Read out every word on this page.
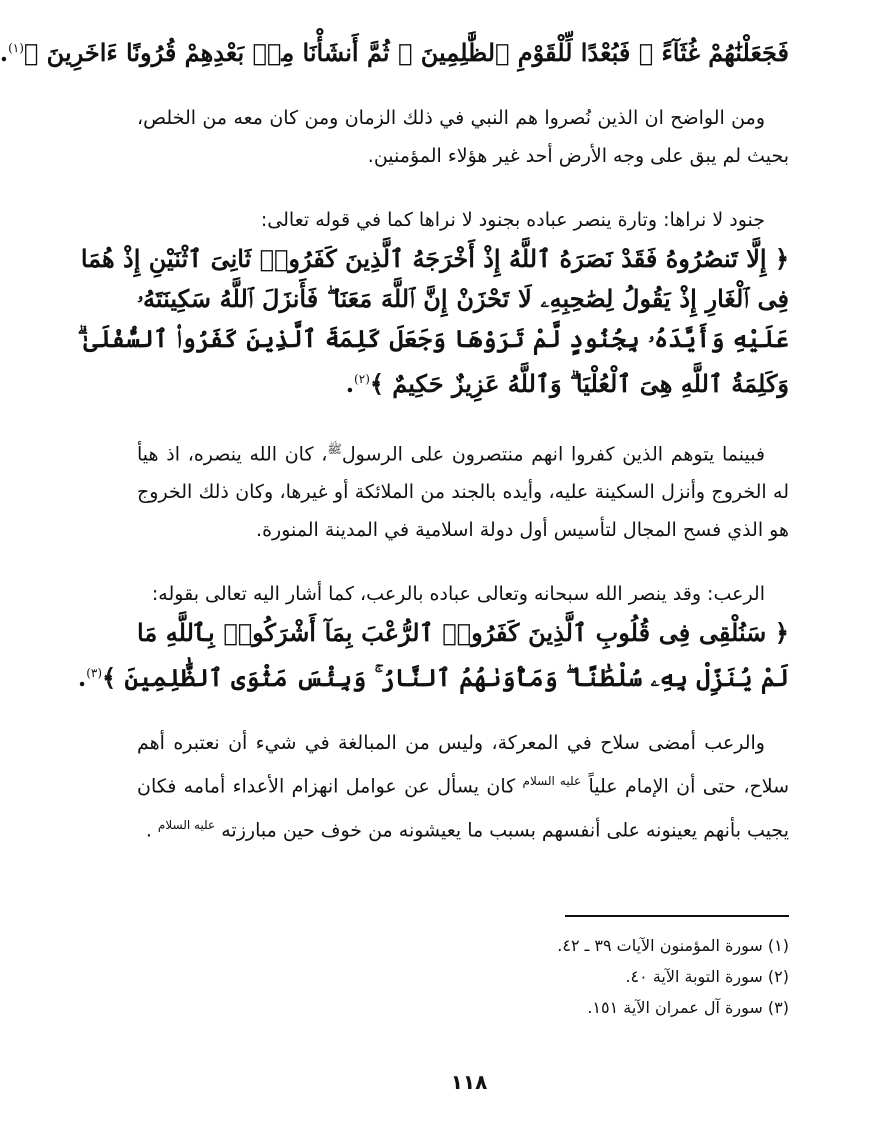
فَجَعَلْنَٰهُمْ غُثَآءً ۚ فَبُعْدًا لِّلْقَوْمِ ٱلظَّٰلِمِينَ ۞ ثُمَّ أَنشَأْنَا مِنۢ بَعْدِهِمْ قُرُونًا ءَاخَرِينَ ﴾$^{(١)}$.

ومن الواضح ان الذين نُصروا هم النبي في ذلك الزمان ومن كان معه من الخلص، بحيث لم يبق على وجه الأرض أحد غير هؤلاء المؤمنين.

جنود لا نراها: وتارة ينصر عباده بجنود لا نراها كما في قوله تعالى:
﴿ إِلَّا تَنصُرُوهُ فَقَدْ نَصَرَهُ ٱللَّهُ إِذْ أَخْرَجَهُ ٱلَّذِينَ كَفَرُوا۟ ثَانِىَ ٱثْنَيْنِ إِذْ هُمَا
فِى ٱلْغَارِ إِذْ يَقُولُ لِصَٰحِبِهِۦ لَا تَحْزَنْ إِنَّ ٱللَّهَ مَعَنَا ۖ فَأَنزَلَ ٱللَّهُ سَكِينَتَهُۥ
عَلَيْهِ وَأَيَّدَهُۥ بِجُنُودٍ لَّمْ تَرَوْهَا وَجَعَلَ كَلِمَةَ ٱلَّذِينَ كَفَرُوا۟ ٱلسُّفْلَىٰ ۗ
وَكَلِمَةُ ٱللَّهِ هِىَ ٱلْعُلْيَا ۗ وَٱللَّهُ عَزِيزٌ حَكِيمٌ ﴾$^{(٢)}$.

فبينما يتوهم الذين كفروا انهم منتصرون على الرسول$^ﷺ$، كان الله ينصره، اذ هيأ له الخروج وأنزل السكينة عليه، وأيده بالجند من الملائكة أو غيرها، وكان ذلك الخروج هو الذي فسح المجال لتأسيس أول دولة اسلامية في المدينة المنورة.

الرعب: وقد ينصر الله سبحانه وتعالى عباده بالرعب، كما أشار اليه تعالى بقوله:
﴿ سَنُلْقِى فِى قُلُوبِ ٱلَّذِينَ كَفَرُوا۟ ٱلرُّعْبَ بِمَآ أَشْرَكُوا۟ بِٱللَّهِ مَا
لَمْ يُنَزِّلْ بِهِۦ سُلْطَٰنًا ۖ وَمَأْوَىٰهُمُ ٱلنَّارُ ۚ وَبِئْسَ مَثْوَى ٱلظَّٰلِمِينَ ﴾$^{(٣)}$.

والرعب أمضى سلاح في المعركة، وليس من المبالغة في شيء أن نعتبره أهم سلاح، حتى أن الإمام علياً $^{عليه السلام}$ كان يسأل عن عوامل انهزام الأعداء أمامه فكان يجيب بأنهم يعينونه على أنفسهم بسبب ما يعيشونه من خوف حين مبارزته $^{عليه السلام}$ .

(١) سورة المؤمنون الآيات ٣٩ ـ ٤٢.
(٢) سورة التوبة الآية ٤٠.
(٣) سورة آل عمران الآية ١٥١.
١١٨
